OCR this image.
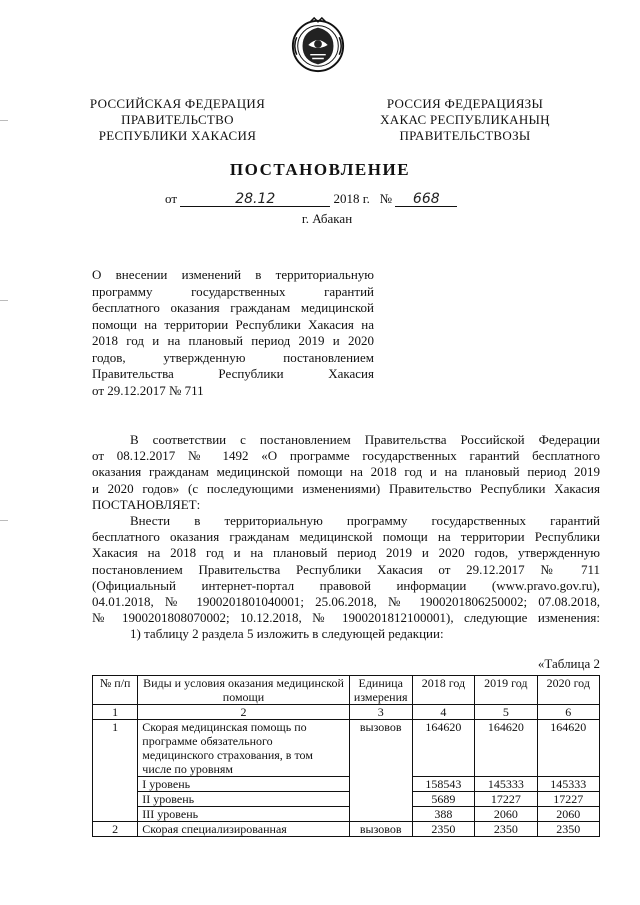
РОССИЙСКАЯ ФЕДЕРАЦИЯ
ПРАВИТЕЛЬСТВО
РЕСПУБЛИКИ ХАКАСИЯ
РОССИЯ ФЕДЕРАЦИЯЗЫ
ХАКАС РЕСПУБЛИКАНЫҢ
ПРАВИТЕЛЬСТВОЗЫ
ПОСТАНОВЛЕНИЕ
от	28.12	2018 г. № 668
г. Абакан
О внесении изменений в территориальную
программу государственных гарантий
бесплатного оказания гражданам медицинской
помощи на территории Республики Хакасия на
2018 год и на плановый период 2019 и 2020
годов, утвержденную постановлением
Правительства Республики Хакасия
от 29.12.2017 № 711
В соответствии с постановлением Правительства Российской Федерации
от 08.12.2017 № 1492 «О программе государственных гарантий бесплатного
оказания гражданам медицинской помощи на 2018 год и на плановый период 2019
и 2020 годов» (с последующими изменениями) Правительство Республики Хакасия
ПОСТАНОВЛЯЕТ:
Внести в территориальную программу государственных гарантий
бесплатного оказания гражданам медицинской помощи на территории Республики
Хакасия на 2018 год и на плановый период 2019 и 2020 годов, утвержденную
постановлением Правительства Республики Хакасия от 29.12.2017 № 711
(Официальный интернет-портал правовой информации (www.pravo.gov.ru),
04.01.2018, № 1900201801040001; 25.06.2018, № 1900201806250002; 07.08.2018,
№ 1900201808070002; 10.12.2018, № 1900201812100001), следующие изменения:
1) таблицу 2 раздела 5 изложить в следующей редакции:
«Таблица 2
№ п/п	Виды и условия оказания медицинской помощи	Единица измерения	2018 год	2019 год	2020 год
1	2	3	4	5	6
1	Скорая медицинская помощь по программе обязательного медицинского страхования, в том числе по уровням	вызовов	164620	164620	164620
	I уровень		158543	145333	145333
	II уровень		5689	17227	17227
	III уровень		388	2060	2060
2	Скорая специализированная	вызовов	2350	2350	2350
